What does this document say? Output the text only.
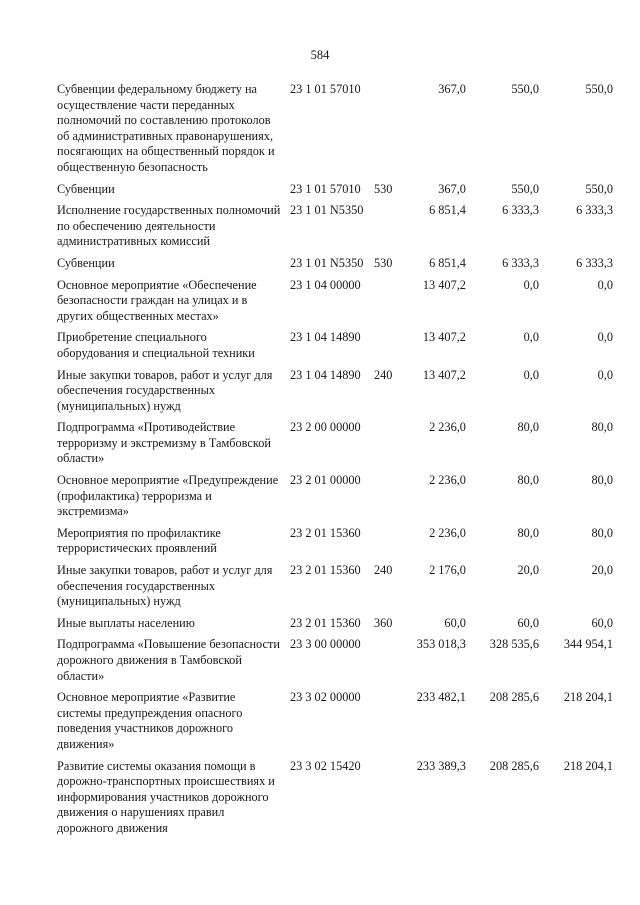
584
Субвенции федеральному бюджету на осуществление части переданных полномочий по составлению протоколов об административных правонарушениях, посягающих на общественный порядок и общественную безопасность	23 1 01 57010	367,0	550,0	550,0
Субвенции	23 1 01 57010 530	367,0	550,0	550,0
Исполнение государственных полномочий по обеспечению деятельности административных комиссий	23 1 01 N5350	6 851,4	6 333,3	6 333,3
Субвенции	23 1 01 N5350 530	6 851,4	6 333,3	6 333,3
Основное мероприятие «Обеспечение безопасности граждан на улицах и в других общественных местах»	23 1 04 00000	13 407,2	0,0	0,0
Приобретение специального оборудования и специальной техники	23 1 04 14890	13 407,2	0,0	0,0
Иные закупки товаров, работ и услуг для обеспечения государственных (муниципальных) нужд	23 1 04 14890 240	13 407,2	0,0	0,0
Подпрограмма «Противодействие терроризму и экстремизму в Тамбовской области»	23 2 00 00000	2 236,0	80,0	80,0
Основное мероприятие «Предупреждение (профилактика) терроризма и экстремизма»	23 2 01 00000	2 236,0	80,0	80,0
Мероприятия по профилактике террористических проявлений	23 2 01 15360	2 236,0	80,0	80,0
Иные закупки товаров, работ и услуг для обеспечения государственных (муниципальных) нужд	23 2 01 15360 240	2 176,0	20,0	20,0
Иные выплаты населению	23 2 01 15360 360	60,0	60,0	60,0
Подпрограмма «Повышение безопасности дорожного движения в Тамбовской области»	23 3 00 00000	353 018,3	328 535,6	344 954,1
Основное мероприятие «Развитие системы предупреждения опасного поведения участников дорожного движения»	23 3 02 00000	233 482,1	208 285,6	218 204,1
Развитие системы оказания помощи в дорожно-транспортных происшествиях и информирования участников дорожного движения о нарушениях правил дорожного движения	23 3 02 15420	233 389,3	208 285,6	218 204,1
